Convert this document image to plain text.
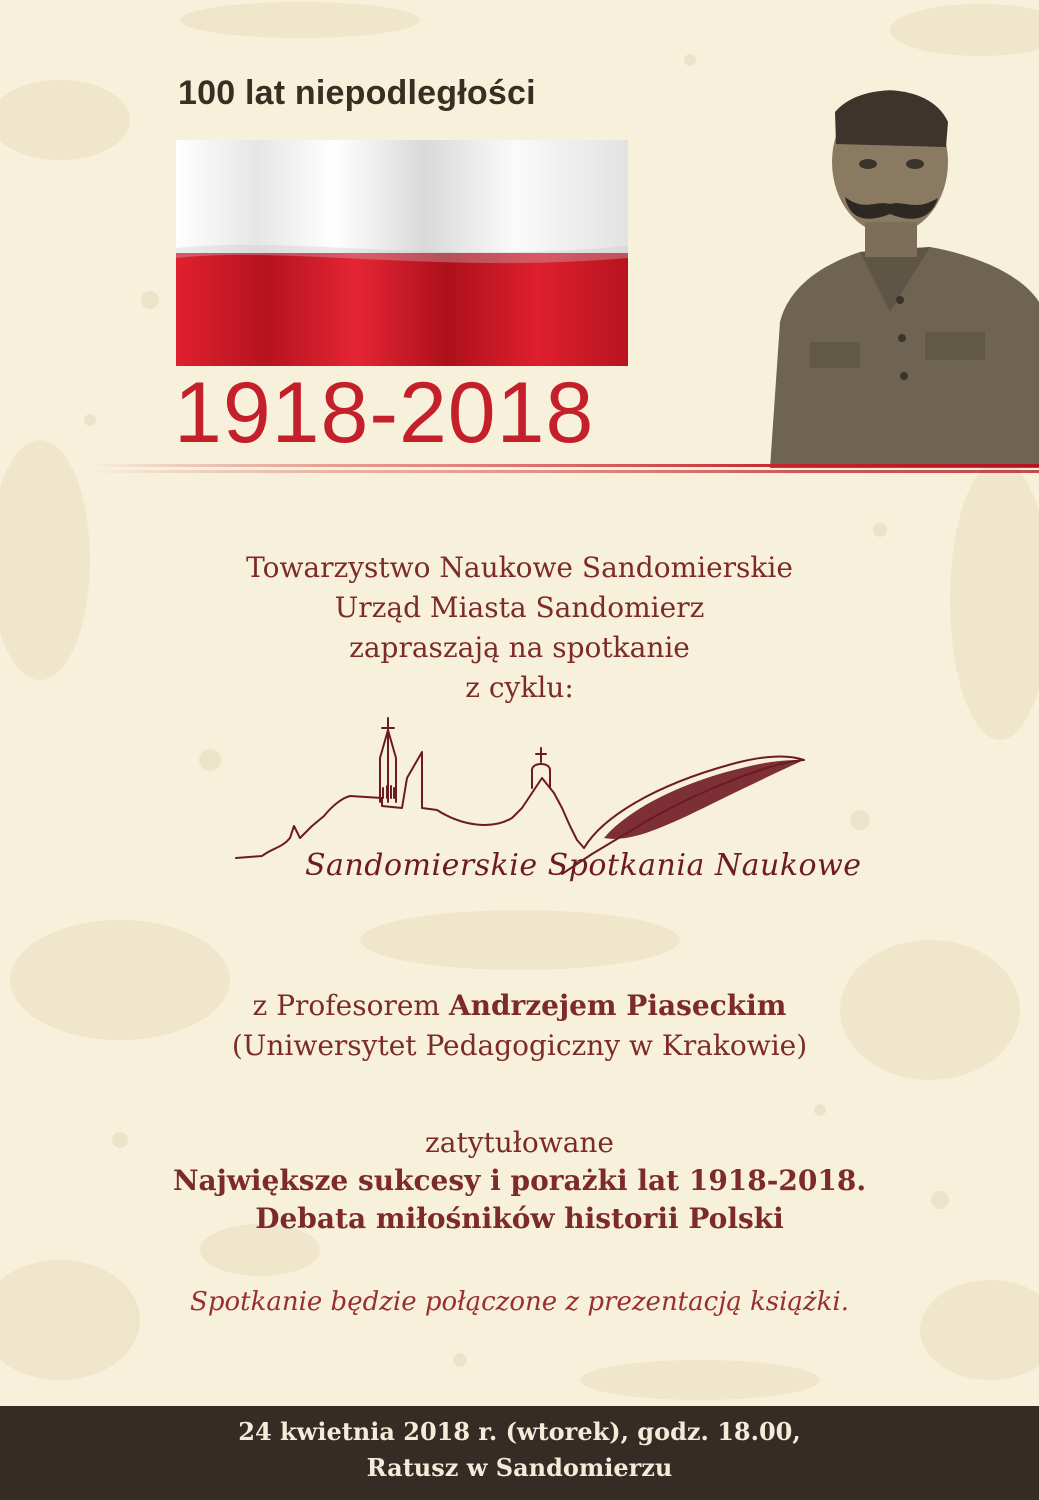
100 lat niepodległości
1918-2018
Towarzystwo Naukowe Sandomierskie
Urząd Miasta Sandomierz
zapraszają na spotkanie
z cyklu:
Sandomierskie Spotkania Naukowe
z Profesorem Andrzejem Piaseckim
(Uniwersytet Pedagogiczny w Krakowie)
zatytułowane
Największe sukcesy i porażki lat 1918-2018.
Debata miłośników historii Polski
Spotkanie będzie połączone z prezentacją książki.
24 kwietnia 2018 r. (wtorek), godz. 18.00,
Ratusz w Sandomierzu
